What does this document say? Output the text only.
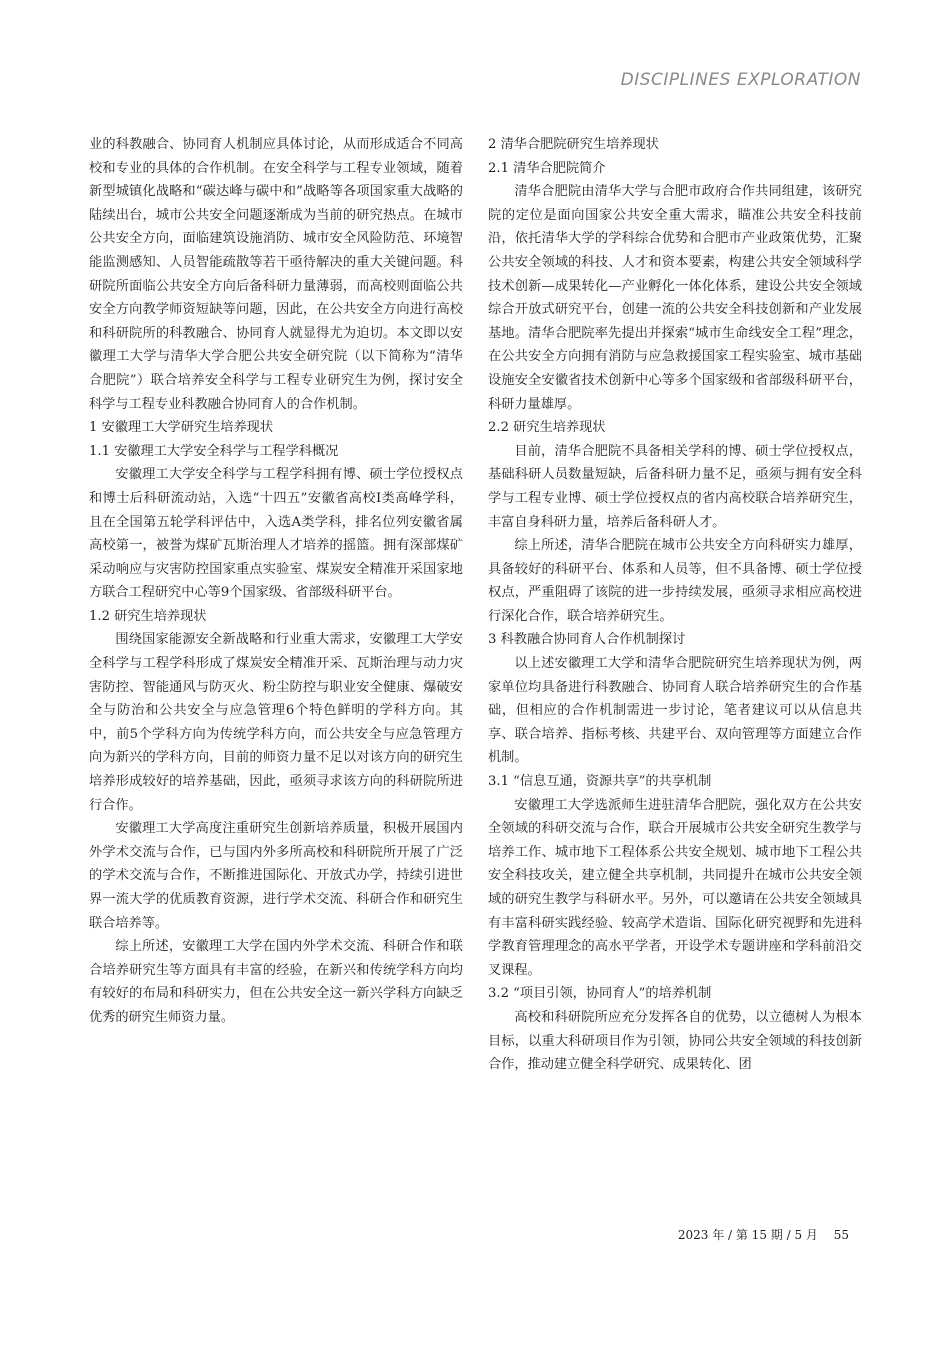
DISCIPLINES EXPLORATION

业的科教融合、协同育人机制应具体讨论，从而形成适合不同高校和专业的具体的合作机制。在安全科学与工程专业领域，随着新型城镇化战略和“碳达峰与碳中和”战略等各项国家重大战略的陆续出台，城市公共安全问题逐渐成为当前的研究热点。在城市公共安全方向，面临建筑设施消防、城市安全风险防范、环境智能监测感知、人员智能疏散等若干亟待解决的重大关键问题。科研院所面临公共安全方向后备科研力量薄弱，而高校则面临公共安全方向教学师资短缺等问题，因此，在公共安全方向进行高校和科研院所的科教融合、协同育人就显得尤为迫切。本文即以安徽理工大学与清华大学合肥公共安全研究院（以下简称为“清华合肥院”）联合培养安全科学与工程专业研究生为例，探讨安全科学与工程专业科教融合协同育人的合作机制。

1 安徽理工大学研究生培养现状
1.1 安徽理工大学安全科学与工程学科概况

安徽理工大学安全科学与工程学科拥有博、硕士学位授权点和博士后科研流动站，入选“十四五”安徽省高校I类高峰学科，且在全国第五轮学科评估中，入选A类学科，排名位列安徽省属高校第一，被誉为煤矿瓦斯治理人才培养的摇篮。拥有深部煤矿采动响应与灾害防控国家重点实验室、煤炭安全精准开采国家地方联合工程研究中心等9个国家级、省部级科研平台。

1.2 研究生培养现状

围绕国家能源安全新战略和行业重大需求，安徽理工大学安全科学与工程学科形成了煤炭安全精准开采、瓦斯治理与动力灾害防控、智能通风与防灭火、粉尘防控与职业安全健康、爆破安全与防治和公共安全与应急管理6个特色鲜明的学科方向。其中，前5个学科方向为传统学科方向，而公共安全与应急管理方向为新兴的学科方向，目前的师资力量不足以对该方向的研究生培养形成较好的培养基础，因此，亟须寻求该方向的科研院所进行合作。

安徽理工大学高度注重研究生创新培养质量，积极开展国内外学术交流与合作，已与国内外多所高校和科研院所开展了广泛的学术交流与合作，不断推进国际化、开放式办学，持续引进世界一流大学的优质教育资源，进行学术交流、科研合作和研究生联合培养等。

综上所述，安徽理工大学在国内外学术交流、科研合作和联合培养研究生等方面具有丰富的经验，在新兴和传统学科方向均有较好的布局和科研实力，但在公共安全这一新兴学科方向缺乏优秀的研究生师资力量。

2 清华合肥院研究生培养现状
2.1 清华合肥院简介

清华合肥院由清华大学与合肥市政府合作共同组建，该研究院的定位是面向国家公共安全重大需求，瞄准公共安全科技前沿，依托清华大学的学科综合优势和合肥市产业政策优势，汇聚公共安全领域的科技、人才和资本要素，构建公共安全领域科学技术创新—成果转化—产业孵化一体化体系，建设公共安全领域综合开放式研究平台，创建一流的公共安全科技创新和产业发展基地。清华合肥院率先提出并探索“城市生命线安全工程”理念，在公共安全方向拥有消防与应急救援国家工程实验室、城市基础设施安全安徽省技术创新中心等多个国家级和省部级科研平台，科研力量雄厚。

2.2 研究生培养现状

目前，清华合肥院不具备相关学科的博、硕士学位授权点，基础科研人员数量短缺，后备科研力量不足，亟须与拥有安全科学与工程专业博、硕士学位授权点的省内高校联合培养研究生，丰富自身科研力量，培养后备科研人才。

综上所述，清华合肥院在城市公共安全方向科研实力雄厚，具备较好的科研平台、体系和人员等，但不具备博、硕士学位授权点，严重阻碍了该院的进一步持续发展，亟须寻求相应高校进行深化合作，联合培养研究生。

3 科教融合协同育人合作机制探讨

以上述安徽理工大学和清华合肥院研究生培养现状为例，两家单位均具备进行科教融合、协同育人联合培养研究生的合作基础，但相应的合作机制需进一步讨论，笔者建议可以从信息共享、联合培养、指标考核、共建平台、双向管理等方面建立合作机制。

3.1 “信息互通，资源共享”的共享机制

安徽理工大学选派师生进驻清华合肥院，强化双方在公共安全领域的科研交流与合作，联合开展城市公共安全研究生教学与培养工作、城市地下工程体系公共安全规划、城市地下工程公共安全科技攻关，建立健全共享机制，共同提升在城市公共安全领域的研究生教学与科研水平。另外，可以邀请在公共安全领域具有丰富科研实践经验、较高学术造诣、国际化研究视野和先进科学教育管理理念的高水平学者，开设学术专题讲座和学科前沿交叉课程。

3.2 “项目引领，协同育人”的培养机制

高校和科研院所应充分发挥各自的优势，以立德树人为根本目标，以重大科研项目作为引领，协同公共安全领域的科技创新合作，推动建立健全科学研究、成果转化、团

2023 年 / 第 15 期 / 5 月 55
